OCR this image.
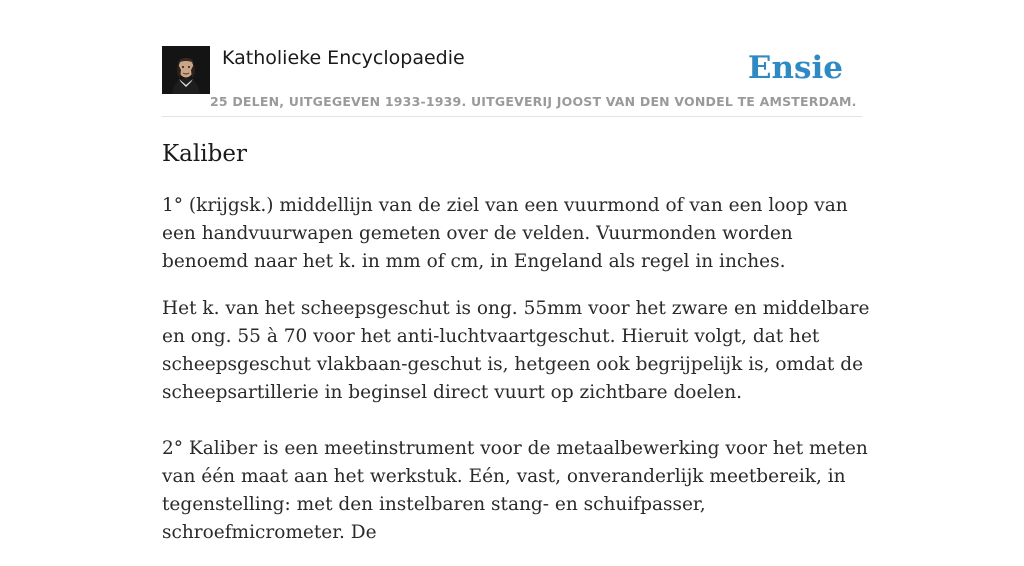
Katholieke Encyclopaedie
25 DELEN, UITGEGEVEN 1933-1939. UITGEVERIJ JOOST VAN DEN VONDEL TE AMSTERDAM.
Ensie
Kaliber

1° (krijgsk.) middellijn van de ziel van een vuurmond of van een loop van een handvuurwapen gemeten over de velden. Vuurmonden worden benoemd naar het k. in mm of cm, in Engeland als regel in inches.

Het k. van het scheepsgeschut is ong. 55mm voor het zware en middelbare en ong. 55 à 70 voor het anti-luchtvaartgeschut. Hieruit volgt, dat het scheepsgeschut vlakbaan-geschut is, hetgeen ook begrijpelijk is, omdat de scheepsartillerie in beginsel direct vuurt op zichtbare doelen.

2° Kaliber is een meetinstrument voor de metaalbewerking voor het meten van één maat aan het werkstuk. Eén, vast, onveranderlijk meetbereik, in tegenstelling: met den instelbaren stang- en schuifpasser, schroefmicrometer. De
